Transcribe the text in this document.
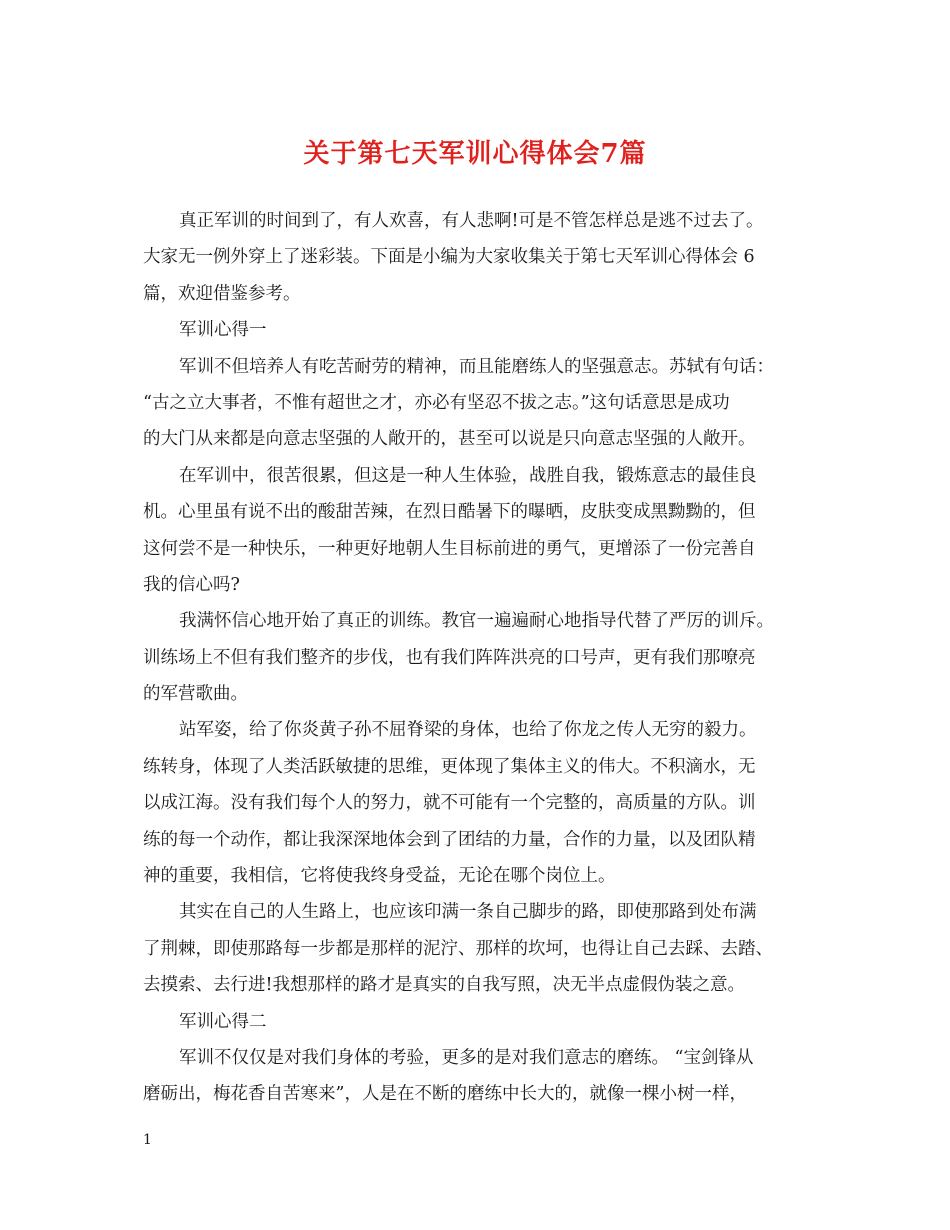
关于第七天军训心得体会7篇
真正军训的时间到了，有人欢喜，有人悲啊!可是不管怎样总是逃不过去了。
大家无一例外穿上了迷彩装。下面是小编为大家收集关于第七天军训心得体会 6
篇，欢迎借鉴参考。
军训心得一
军训不但培养人有吃苦耐劳的精神，而且能磨练人的坚强意志。苏轼有句话：
“古之立大事者，不惟有超世之才，亦必有坚忍不拔之志。”这句话意思是成功
的大门从来都是向意志坚强的人敞开的，甚至可以说是只向意志坚强的人敞开。
在军训中，很苦很累，但这是一种人生体验，战胜自我，锻炼意志的最佳良
机。心里虽有说不出的酸甜苦辣，在烈日酷暑下的曝晒，皮肤变成黑黝黝的，但
这何尝不是一种快乐，一种更好地朝人生目标前进的勇气，更增添了一份完善自
我的信心吗?
我满怀信心地开始了真正的训练。教官一遍遍耐心地指导代替了严厉的训斥。
训练场上不但有我们整齐的步伐，也有我们阵阵洪亮的口号声，更有我们那嘹亮
的军营歌曲。
站军姿，给了你炎黄子孙不屈脊梁的身体，也给了你龙之传人无穷的毅力。
练转身，体现了人类活跃敏捷的思维，更体现了集体主义的伟大。不积滴水，无
以成江海。没有我们每个人的努力，就不可能有一个完整的，高质量的方队。训
练的每一个动作，都让我深深地体会到了团结的力量，合作的力量，以及团队精
神的重要，我相信，它将使我终身受益，无论在哪个岗位上。
其实在自己的人生路上，也应该印满一条自己脚步的路，即使那路到处布满
了荆棘，即使那路每一步都是那样的泥泞、那样的坎坷，也得让自己去踩、去踏、
去摸索、去行进!我想那样的路才是真实的自我写照，决无半点虚假伪装之意。
军训心得二
军训不仅仅是对我们身体的考验，更多的是对我们意志的磨练。 “宝剑锋从
磨砺出，梅花香自苦寒来”，人是在不断的磨练中长大的，就像一棵小树一样，
1
